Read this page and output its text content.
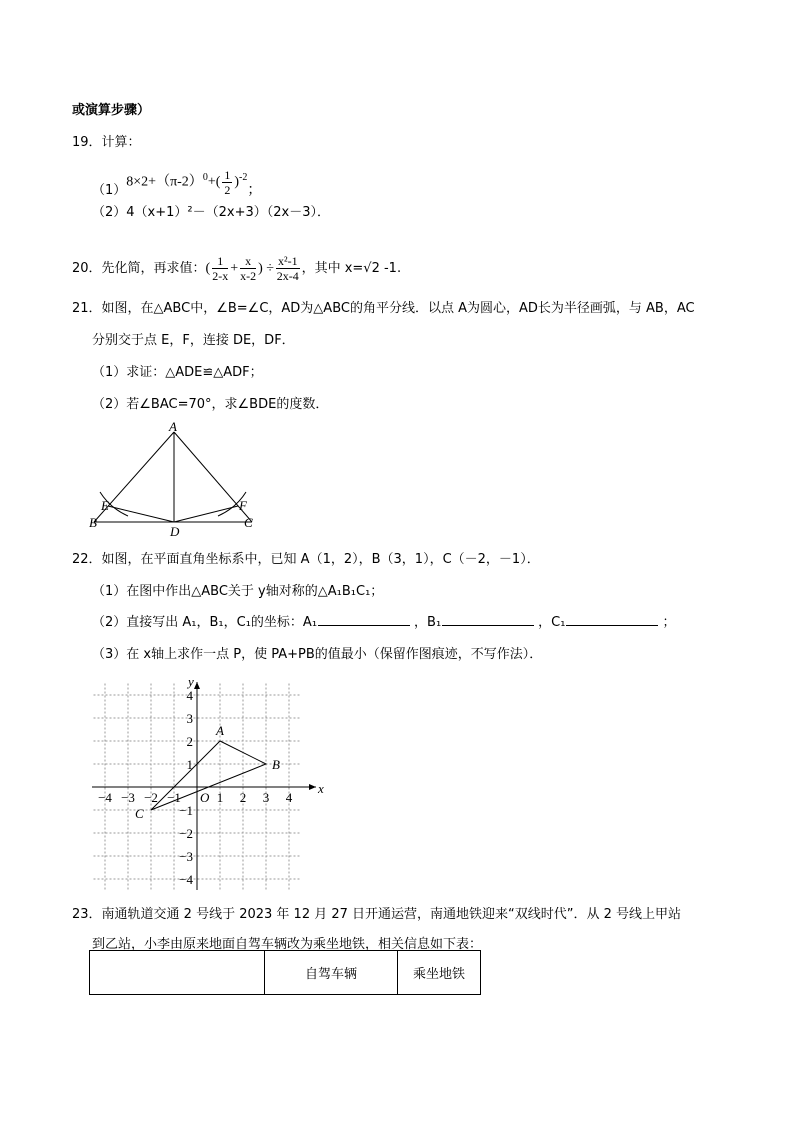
或演算步骤）
19．计算：
$(1)8\times 2+(\pi-2)^0+( \frac{1}{2} )^{-2}$；
（2）4（x+1）²－（2x+3）（2x－3）．
20．先化简，再求值：( $\frac{1}{2-x} + \frac{x}{x-2}$ ) ÷ $\frac{\text{x²-1}}{2x-4}$ ，其中 x=√2 -1.
21．如图，在△ABC中，∠B=∠C，AD为△ABC的角平分线．以点 A为圆心，AD长为半径画弧，与 AB，AC
分别交于点 E，F，连接 DE，DF．
（1）求证：△ADE≌△ADF；
（2）若∠BAC=70°，求∠BDE的度数．
A
B	C
D
E	F
22．如图，在平面直角坐标系中，已知 A（1，2），B（3，1），C（－2，－1）．
（1）在图中作出△ABC关于 y轴对称的△A₁B₁C₁；
（2）直接写出 A₁，B₁，C₁的坐标：A₁	，B₁	，C₁	；
（3）在 x轴上求作一点 P，使 PA+PB的值最小（保留作图痕迹，不写作法）．
x
y
O
−4 −3 −2 −1	1 2 3 4
4
3
2
1
−1
−2
−3
−4
A
B
C
23．南通轨道交通 2 号线于 2023 年 12 月 27 日开通运营，南通地铁迎来“双线时代”．从 2 号线上甲站
到乙站，小李由原来地面自驾车辆改为乘坐地铁，相关信息如下表：
	自驾车辆	乘坐地铁
